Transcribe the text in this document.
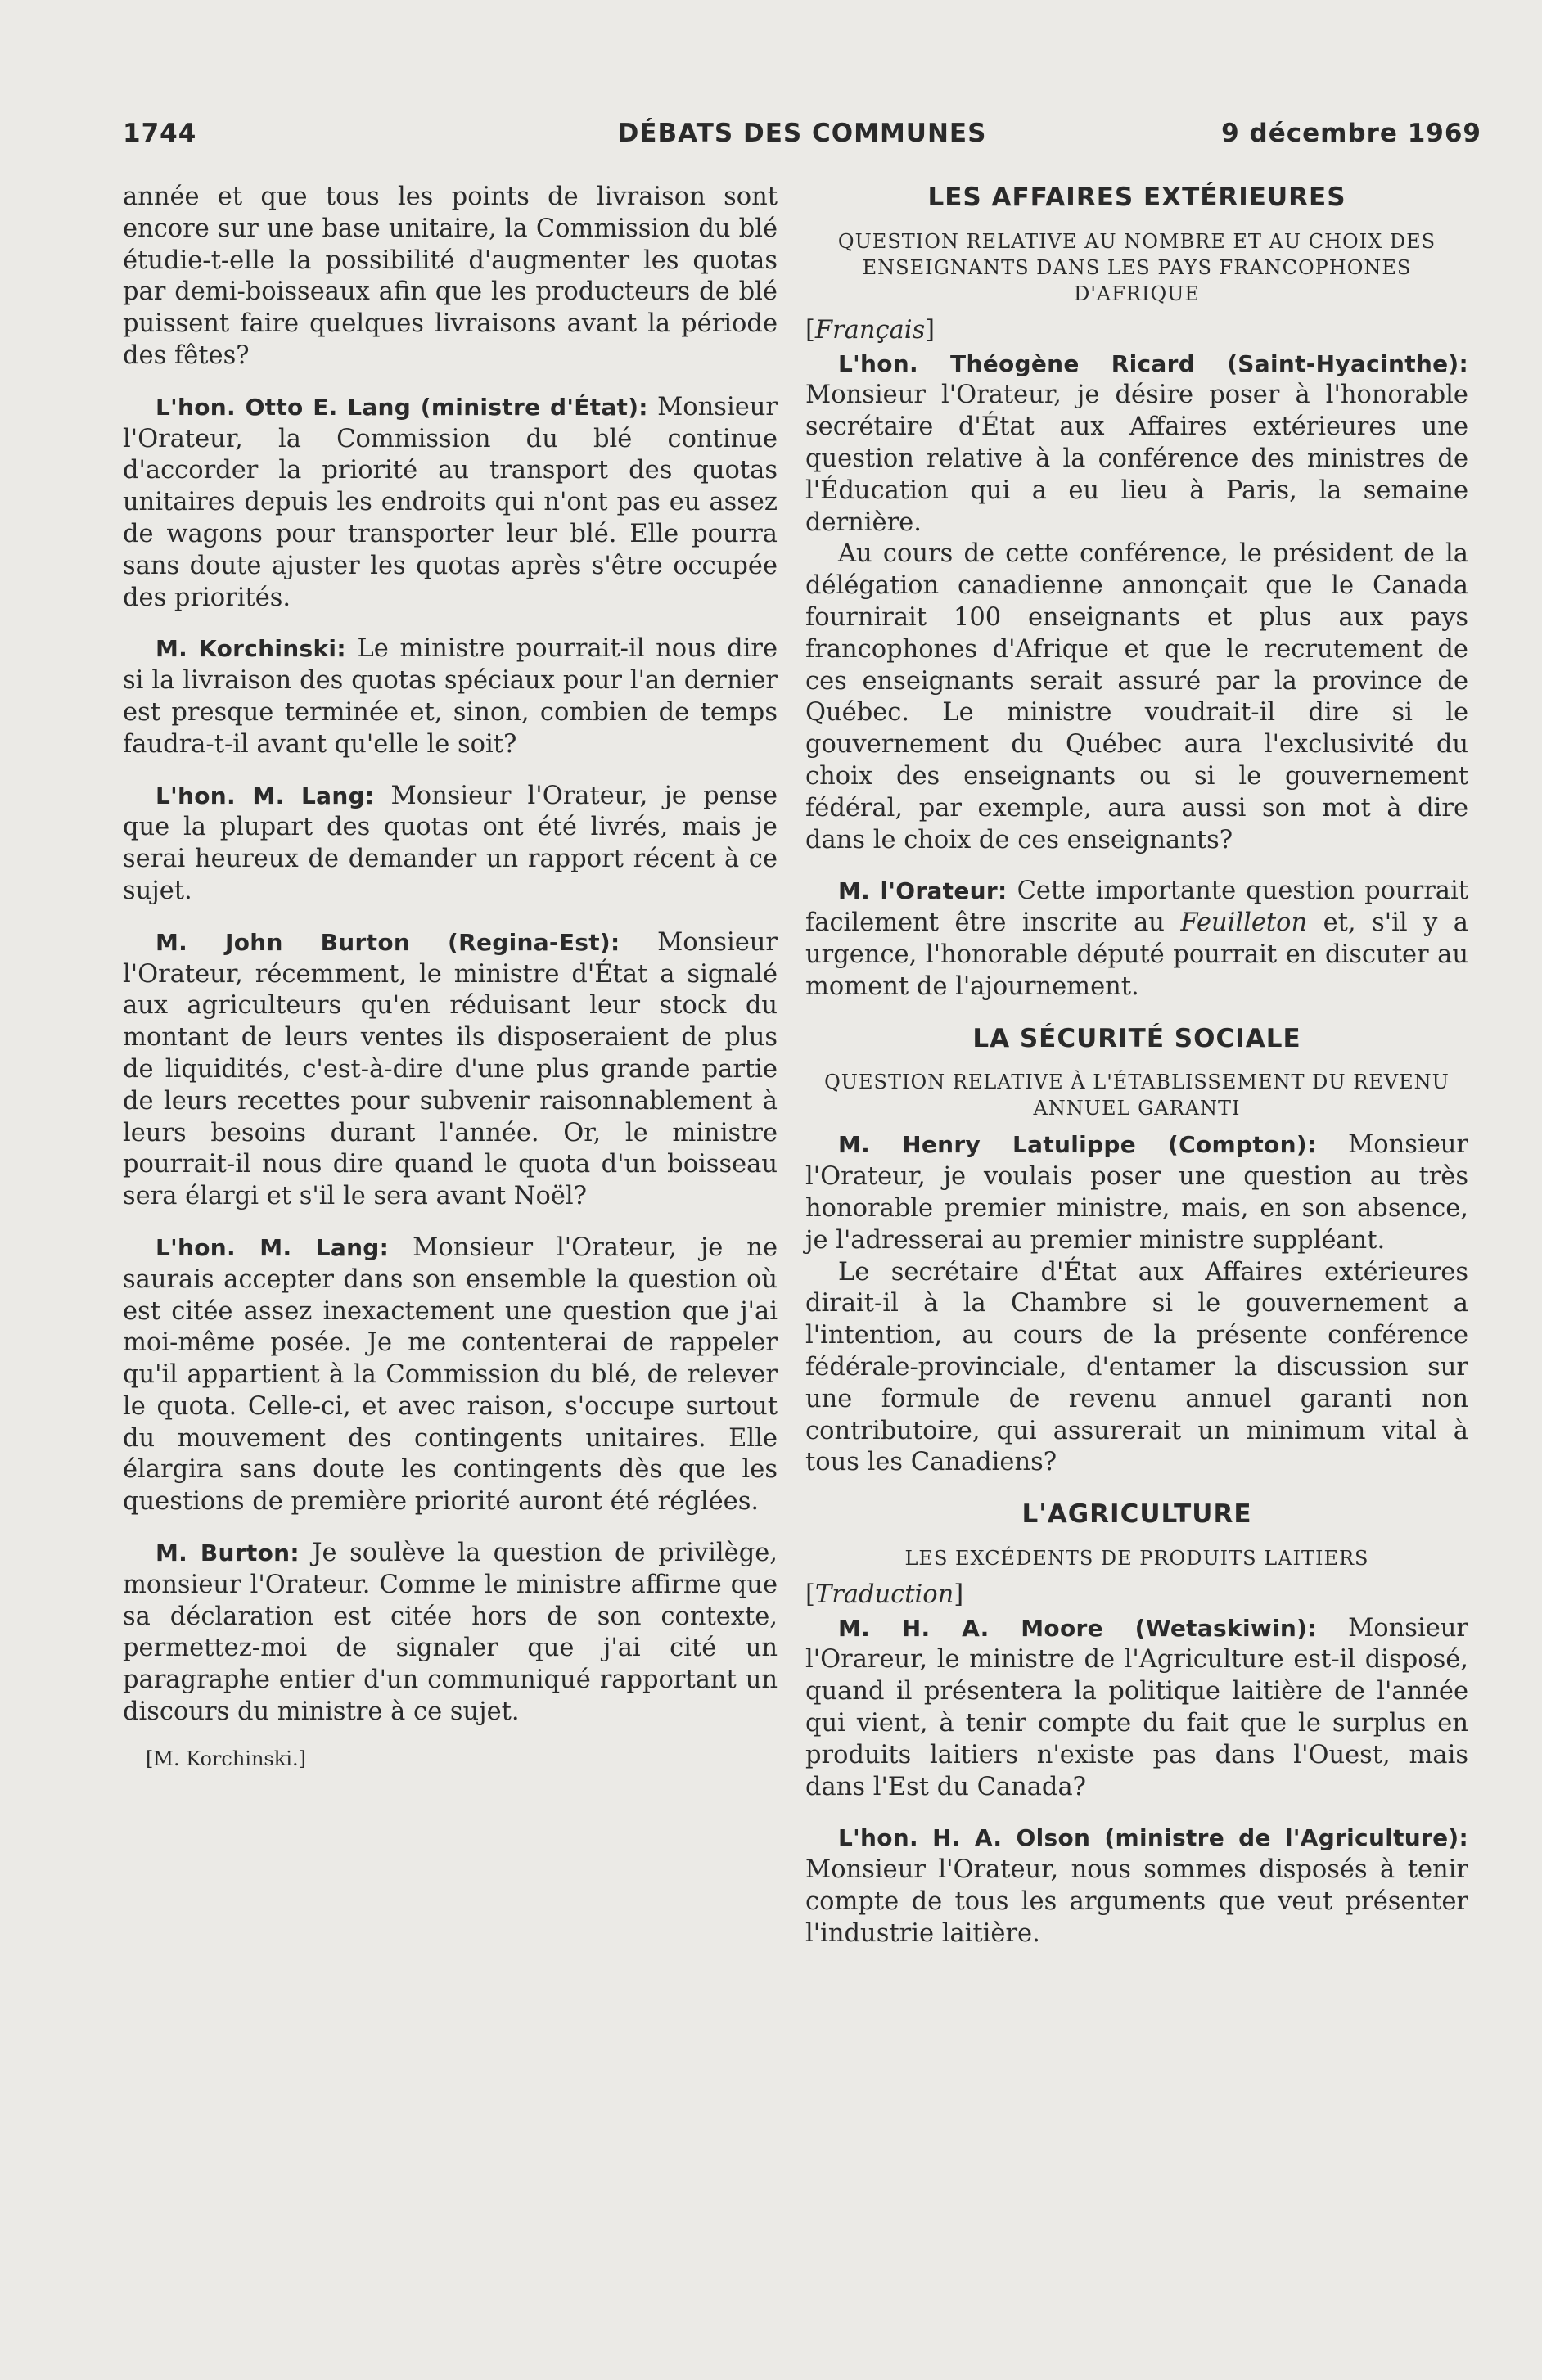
1744	DÉBATS DES COMMUNES	9 décembre 1969

année et que tous les points de livraison sont encore sur une base unitaire, la Commission du blé étudie-t-elle la possibilité d'augmenter les quotas par demi-boisseaux afin que les producteurs de blé puissent faire quelques livraisons avant la période des fêtes?

L'hon. Otto E. Lang (ministre d'État): Monsieur l'Orateur, la Commission du blé continue d'accorder la priorité au transport des quotas unitaires depuis les endroits qui n'ont pas eu assez de wagons pour transporter leur blé. Elle pourra sans doute ajuster les quotas après s'être occupée des priorités.

M. Korchinski: Le ministre pourrait-il nous dire si la livraison des quotas spéciaux pour l'an dernier est presque terminée et, sinon, combien de temps faudra-t-il avant qu'elle le soit?

L'hon. M. Lang: Monsieur l'Orateur, je pense que la plupart des quotas ont été livrés, mais je serai heureux de demander un rapport récent à ce sujet.

M. John Burton (Regina-Est): Monsieur l'Orateur, récemment, le ministre d'État a signalé aux agriculteurs qu'en réduisant leur stock du montant de leurs ventes ils disposeraient de plus de liquidités, c'est-à-dire d'une plus grande partie de leurs recettes pour subvenir raisonnablement à leurs besoins durant l'année. Or, le ministre pourrait-il nous dire quand le quota d'un boisseau sera élargi et s'il le sera avant Noël?

L'hon. M. Lang: Monsieur l'Orateur, je ne saurais accepter dans son ensemble la question où est citée assez inexactement une question que j'ai moi-même posée. Je me contenterai de rappeler qu'il appartient à la Commission du blé, de relever le quota. Celle-ci, et avec raison, s'occupe surtout du mouvement des contingents unitaires. Elle élargira sans doute les contingents dès que les questions de première priorité auront été réglées.

M. Burton: Je soulève la question de privilège, monsieur l'Orateur. Comme le ministre affirme que sa déclaration est citée hors de son contexte, permettez-moi de signaler que j'ai cité un paragraphe entier d'un communiqué rapportant un discours du ministre à ce sujet.

[M. Korchinski.]
LES AFFAIRES EXTÉRIEURES
QUESTION RELATIVE AU NOMBRE ET AU CHOIX DES ENSEIGNANTS DANS LES PAYS FRANCOPHONES D'AFRIQUE
[Français]

L'hon. Théogène Ricard (Saint-Hyacinthe): Monsieur l'Orateur, je désire poser à l'honorable secrétaire d'État aux Affaires extérieures une question relative à la conférence des ministres de l'Éducation qui a eu lieu à Paris, la semaine dernière.

Au cours de cette conférence, le président de la délégation canadienne annonçait que le Canada fournirait 100 enseignants et plus aux pays francophones d'Afrique et que le recrutement de ces enseignants serait assuré par la province de Québec. Le ministre voudrait-il dire si le gouvernement du Québec aura l'exclusivité du choix des enseignants ou si le gouvernement fédéral, par exemple, aura aussi son mot à dire dans le choix de ces enseignants?

M. l'Orateur: Cette importante question pourrait facilement être inscrite au Feuilleton et, s'il y a urgence, l'honorable député pourrait en discuter au moment de l'ajournement.

LA SÉCURITÉ SOCIALE
QUESTION RELATIVE À L'ÉTABLISSEMENT DU REVENU ANNUEL GARANTI

M. Henry Latulippe (Compton): Monsieur l'Orateur, je voulais poser une question au très honorable premier ministre, mais, en son absence, je l'adresserai au premier ministre suppléant.

Le secrétaire d'État aux Affaires extérieures dirait-il à la Chambre si le gouvernement a l'intention, au cours de la présente conférence fédérale-provinciale, d'entamer la discussion sur une formule de revenu annuel garanti non contributoire, qui assurerait un minimum vital à tous les Canadiens?

L'AGRICULTURE
LES EXCÉDENTS DE PRODUITS LAITIERS
[Traduction]

M. H. A. Moore (Wetaskiwin): Monsieur l'Orareur, le ministre de l'Agriculture est-il disposé, quand il présentera la politique laitière de l'année qui vient, à tenir compte du fait que le surplus en produits laitiers n'existe pas dans l'Ouest, mais dans l'Est du Canada?

L'hon. H. A. Olson (ministre de l'Agriculture): Monsieur l'Orateur, nous sommes disposés à tenir compte de tous les arguments que veut présenter l'industrie laitière.
